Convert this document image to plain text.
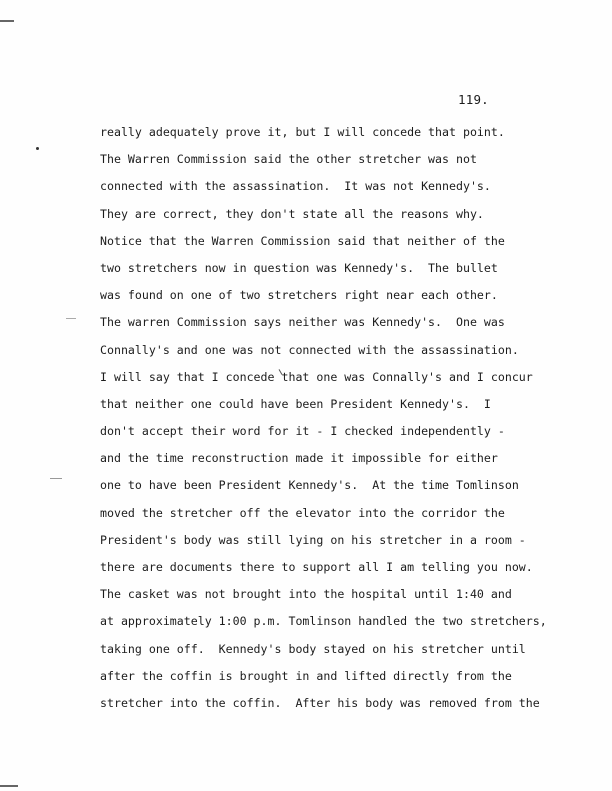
119.
really adequately prove it, but I will concede that point.
The Warren Commission said the other stretcher was not
connected with the assassination.  It was not Kennedy's.
They are correct, they don't state all the reasons why.
Notice that the Warren Commission said that neither of the
two stretchers now in question was Kennedy's.  The bullet
was found on one of two stretchers right near each other.
The warren Commission says neither was Kennedy's.  One was
Connally's and one was not connected with the assassination.
I will say that I concede that one was Connally's and I concur
that neither one could have been President Kennedy's.  I
don't accept their word for it - I checked independently -
and the time reconstruction made it impossible for either
one to have been President Kennedy's.  At the time Tomlinson
moved the stretcher off the elevator into the corridor the
President's body was still lying on his stretcher in a room -
there are documents there to support all I am telling you now.
The casket was not brought into the hospital until 1:40 and
at approximately 1:00 p.m. Tomlinson handled the two stretchers,
taking one off.  Kennedy's body stayed on his stretcher until
after the coffin is brought in and lifted directly from the
stretcher into the coffin.  After his body was removed from the
